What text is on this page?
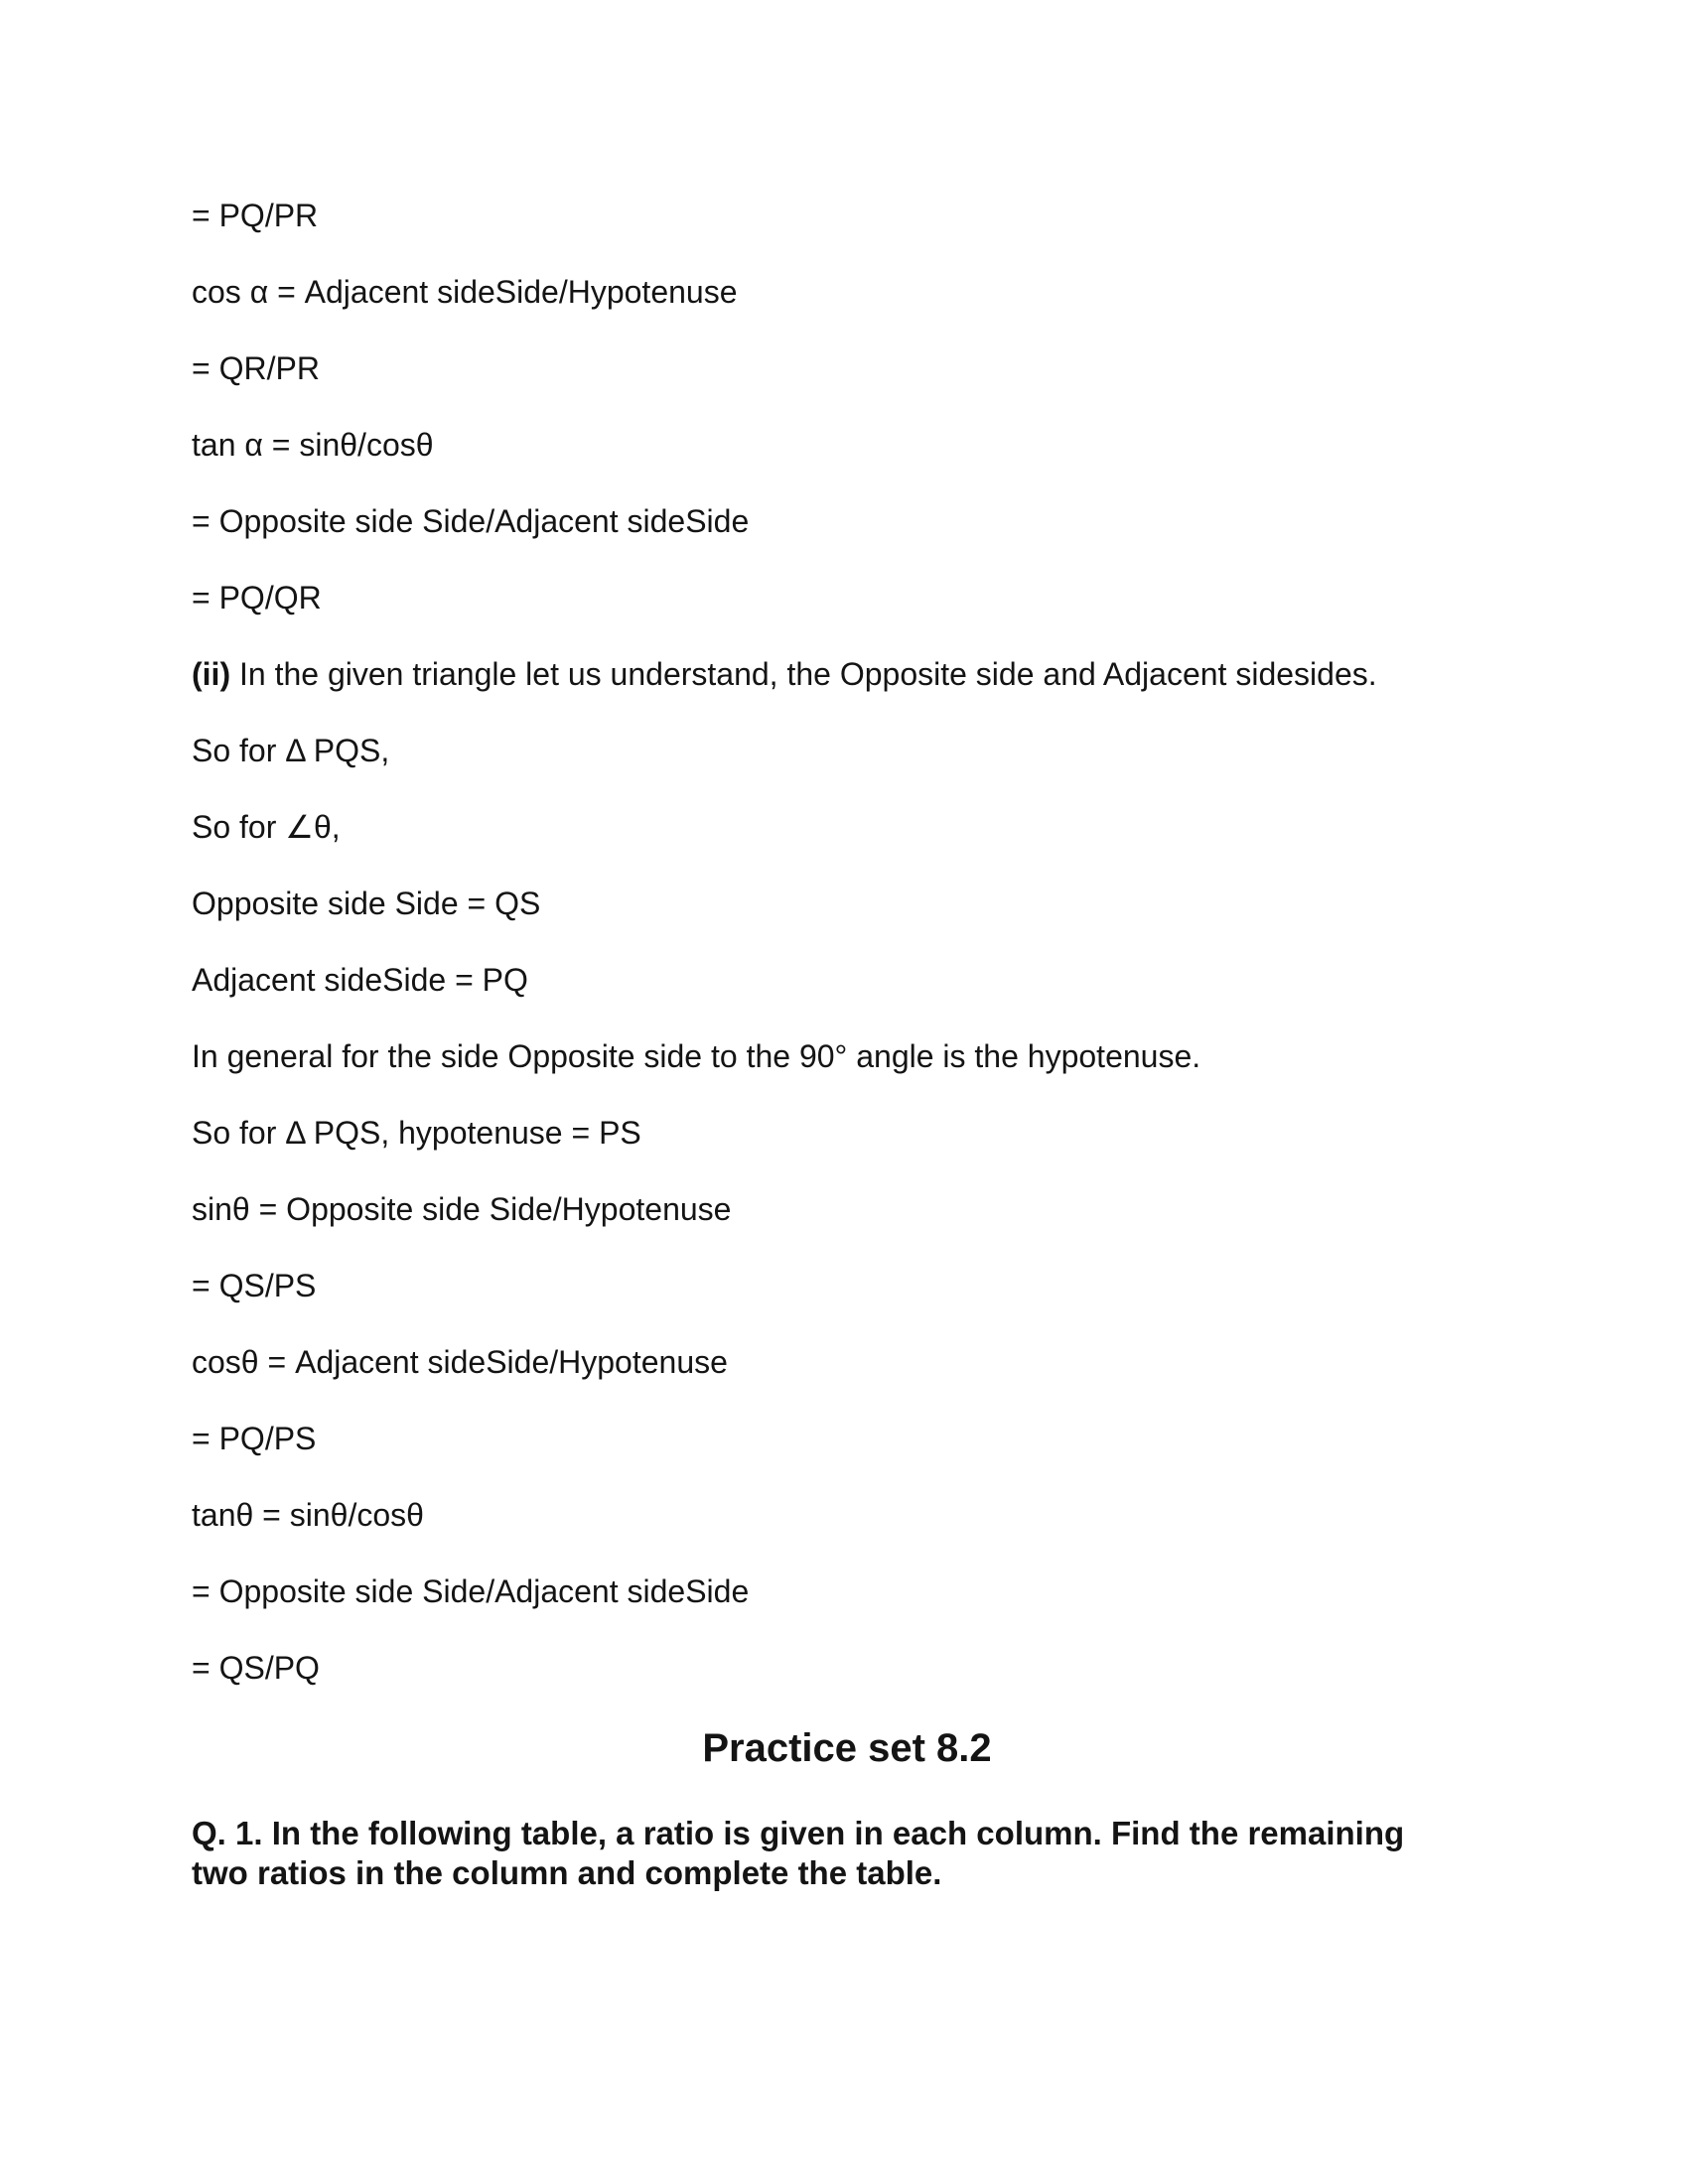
= PQ/PR

cos α = Adjacent sideSide/Hypotenuse

= QR/PR

tan α = sinθ/cosθ

= Opposite side Side/Adjacent sideSide

= PQ/QR

(ii) In the given triangle let us understand, the Opposite side and Adjacent sidesides.

So for Δ PQS,

So for ∠θ,

Opposite side Side = QS

Adjacent sideSide = PQ

In general for the side Opposite side to the 90° angle is the hypotenuse.

So for Δ PQS, hypotenuse = PS

sinθ = Opposite side Side/Hypotenuse

= QS/PS

cosθ = Adjacent sideSide/Hypotenuse

= PQ/PS

tanθ = sinθ/cosθ

= Opposite side Side/Adjacent sideSide

= QS/PQ

Practice set 8.2

Q. 1. In the following table, a ratio is given in each column. Find the remaining

two ratios in the column and complete the table.
